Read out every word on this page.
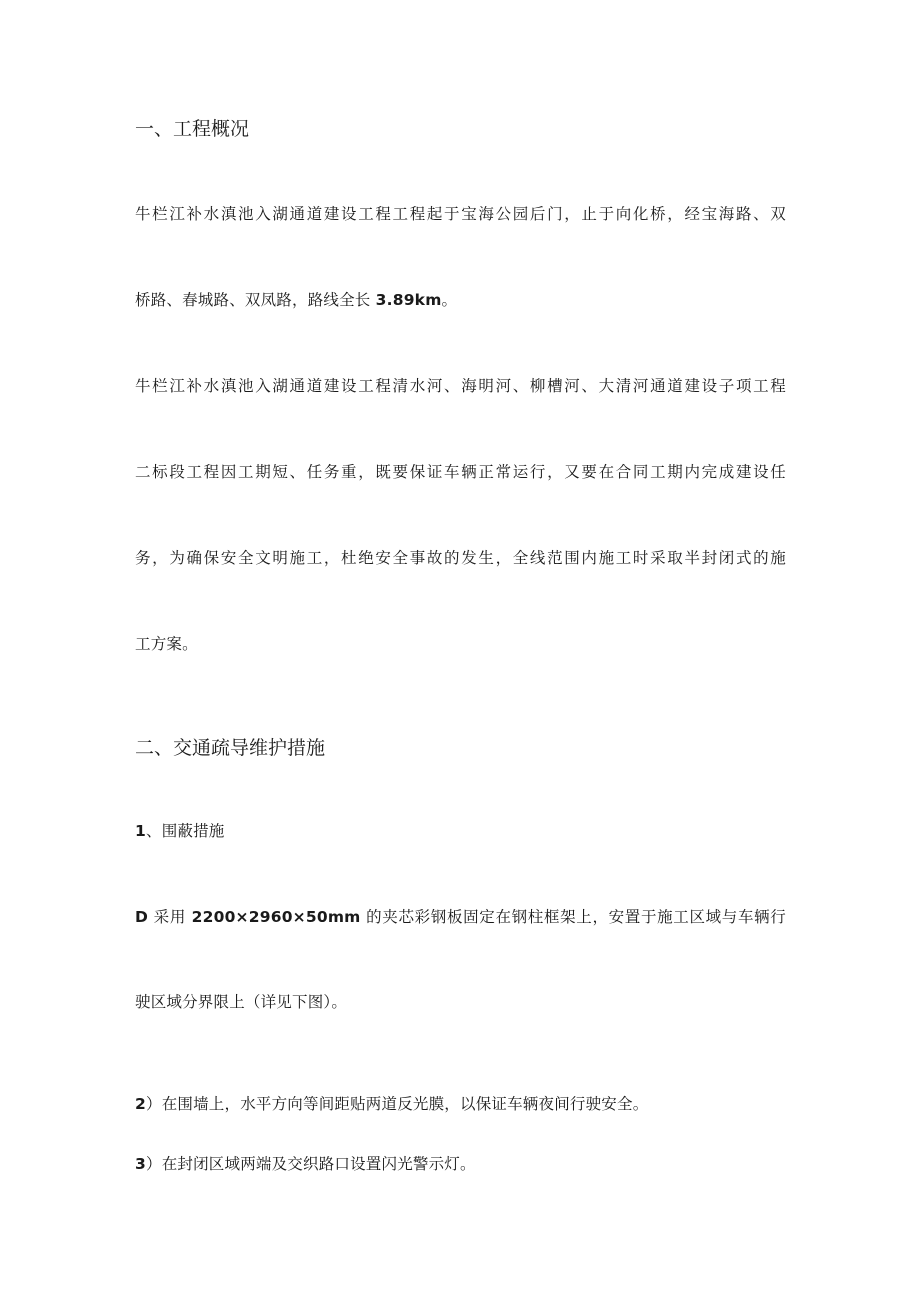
一、工程概况

牛栏江补水滇池入湖通道建设工程工程起于宝海公园后门，止于向化桥，经宝海路、双

桥路、春城路、双凤路，路线全长 3.89km。

牛栏江补水滇池入湖通道建设工程清水河、海明河、柳槽河、大清河通道建设子项工程

二标段工程因工期短、任务重，既要保证车辆正常运行，又要在合同工期内完成建设任

务，为确保安全文明施工，杜绝安全事故的发生，全线范围内施工时采取半封闭式的施

工方案。

二、交通疏导维护措施

1、围蔽措施

D 采用 2200×2960×50mm 的夹芯彩钢板固定在钢柱框架上，安置于施工区域与车辆行

驶区域分界限上（详见下图）。

2）在围墙上，水平方向等间距贴两道反光膜，以保证车辆夜间行驶安全。

3）在封闭区域两端及交织路口设置闪光警示灯。
